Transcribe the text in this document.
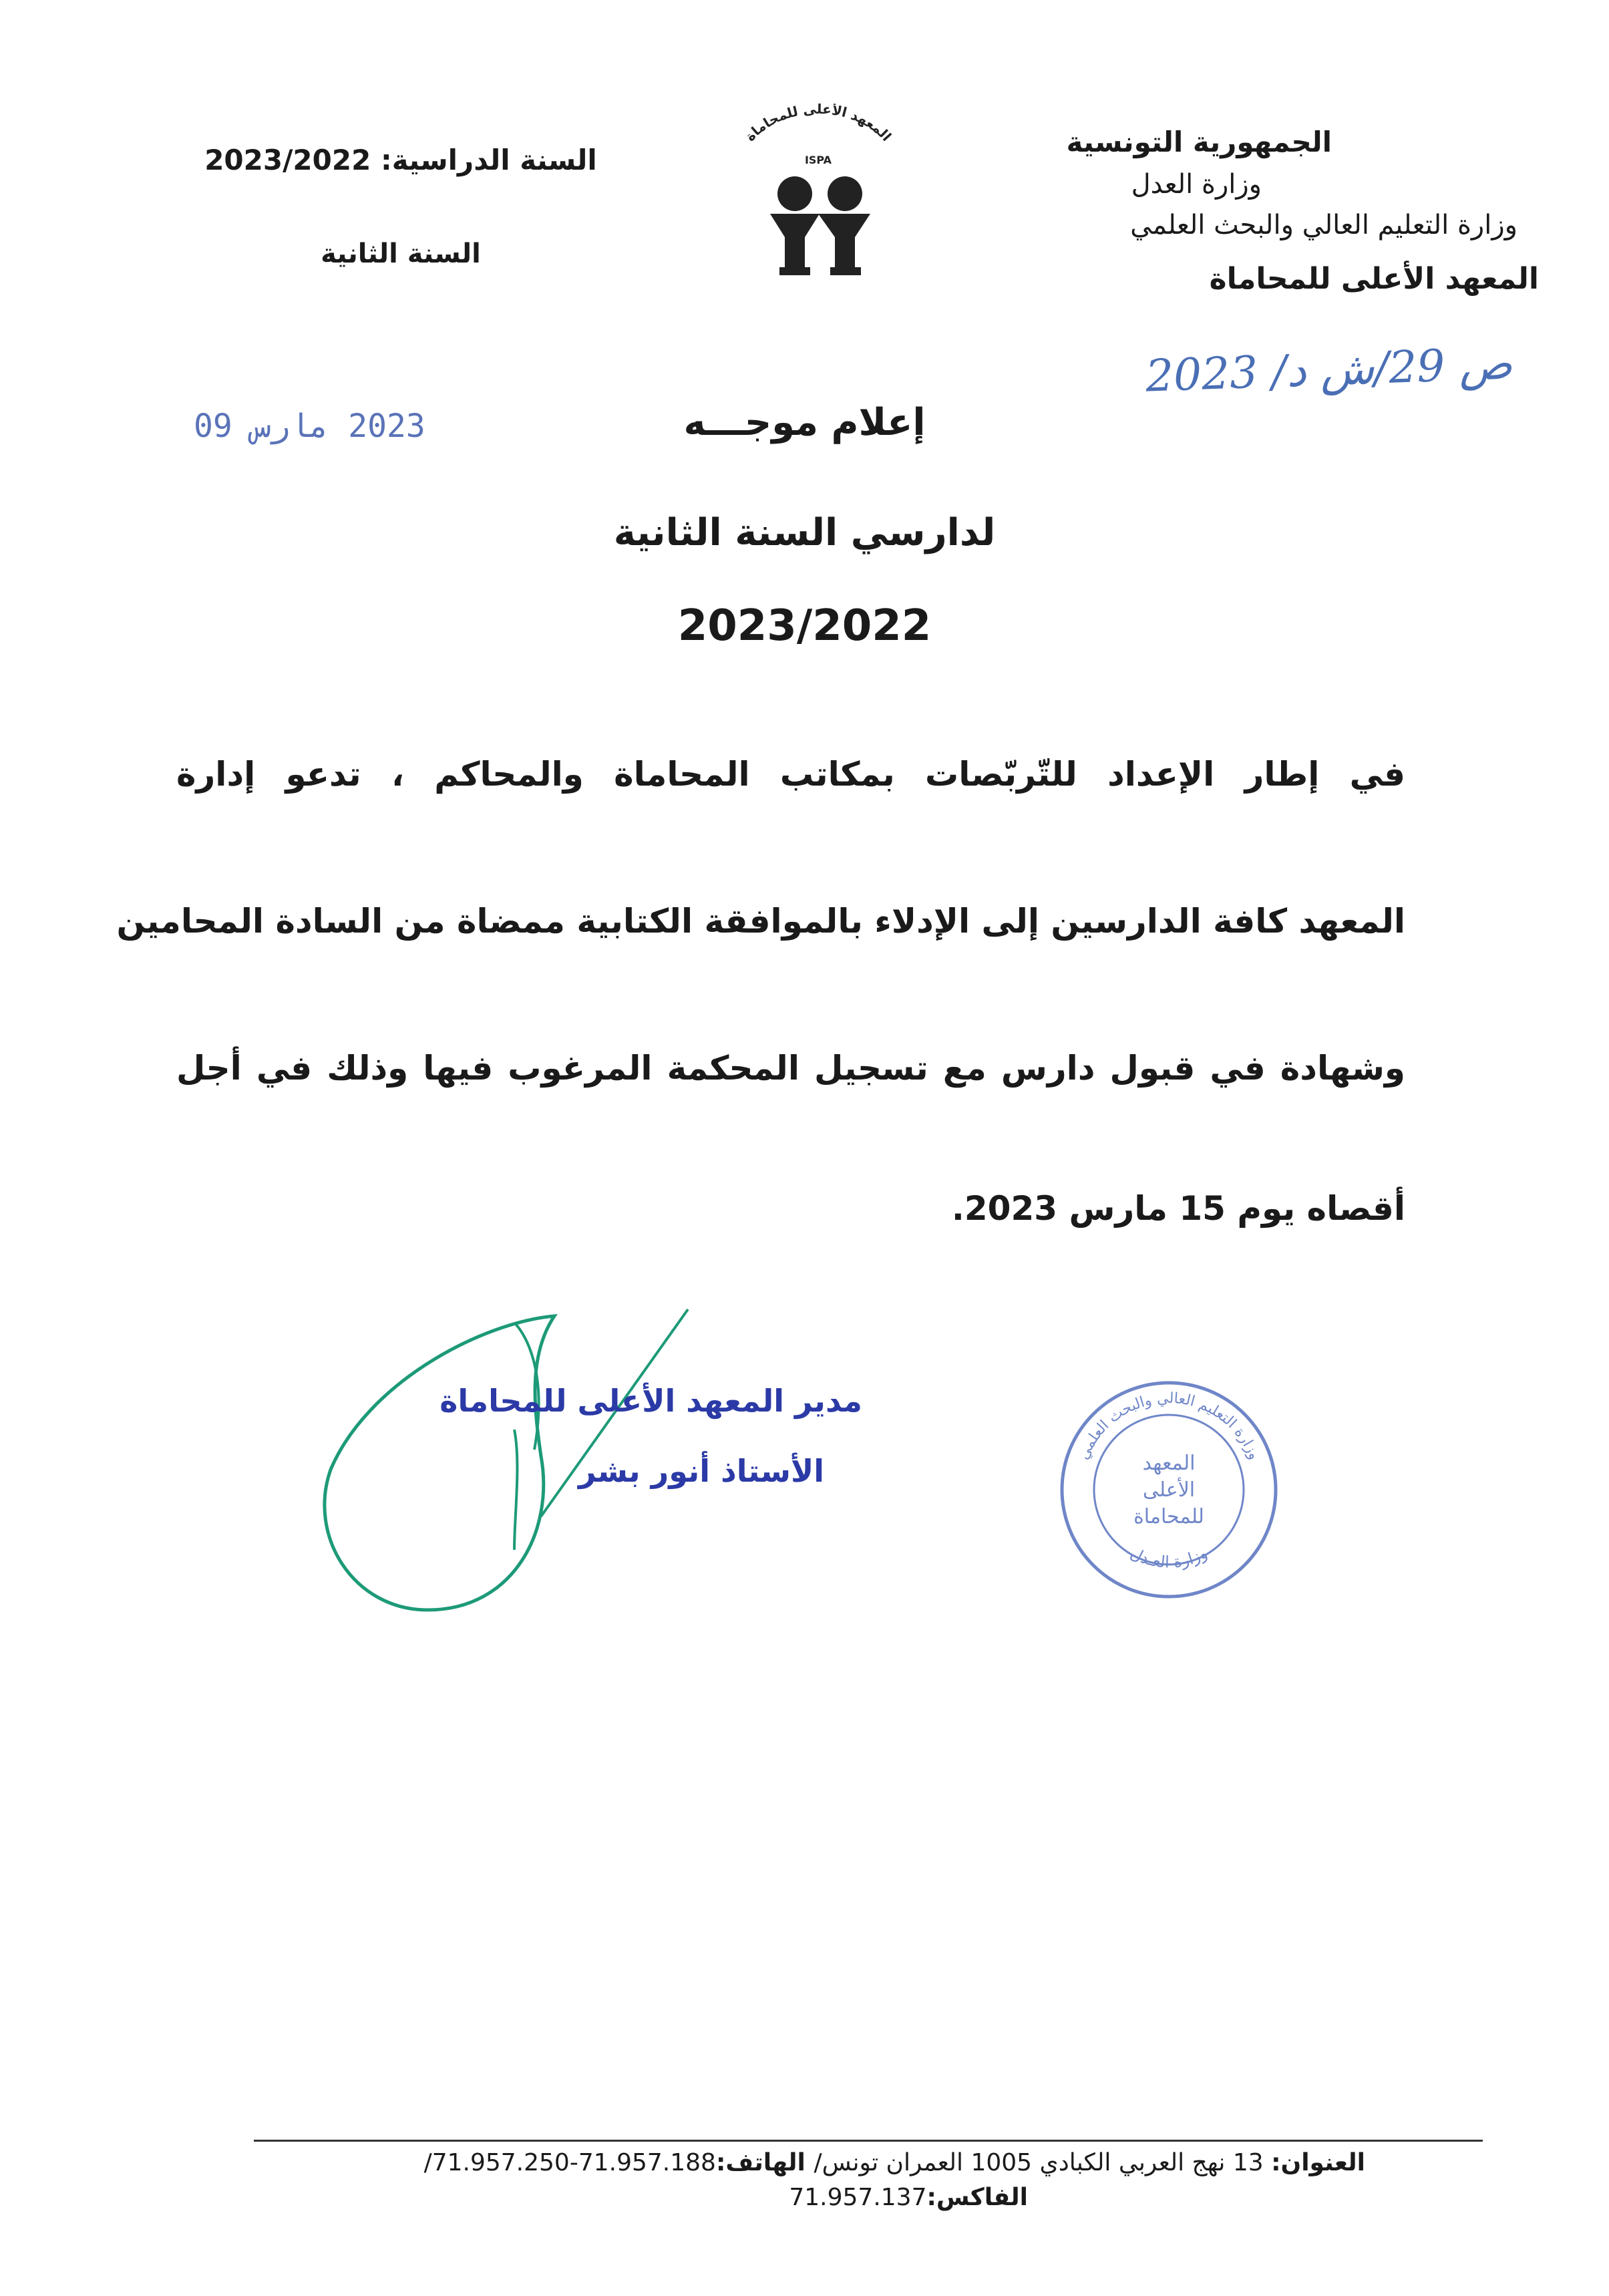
الجمهورية التونسية
وزارة العدل
وزارة التعليم العالي والبحث العلمي
المعهد الأعلى للمحاماة
المعهد الأعلى للمحاماة
ISPA
السنة الدراسية: 2023/2022
السنة الثانية
ص 29/ش د/ 2023
2023 مارس 09	إعلام موجـــه
لدارسي السنة الثانية
2023/2022
في إطار الإعداد للتّربّصات بمكاتب المحاماة والمحاكم ، تدعو إدارة
المعهد كافة الدارسين إلى الإدلاء بالموافقة الكتابية ممضاة من السادة المحامين
وشهادة في قبول دارس مع تسجيل المحكمة المرغوب فيها وذلك في أجل
أقصاه يوم 15 مارس 2023.
مدير المعهد الأعلى للمحاماة
الأستاذ أنور بشر	وزارة التعليم العالي والبحث العلمي
وزارة العـدل
المعهد
الأعلى
للمحاماة
العنوان: 13 نهج العربي الكبادي 1005 العمران تونس/ الهاتف:71.957.188-71.957.250/
الفاكس:71.957.137
